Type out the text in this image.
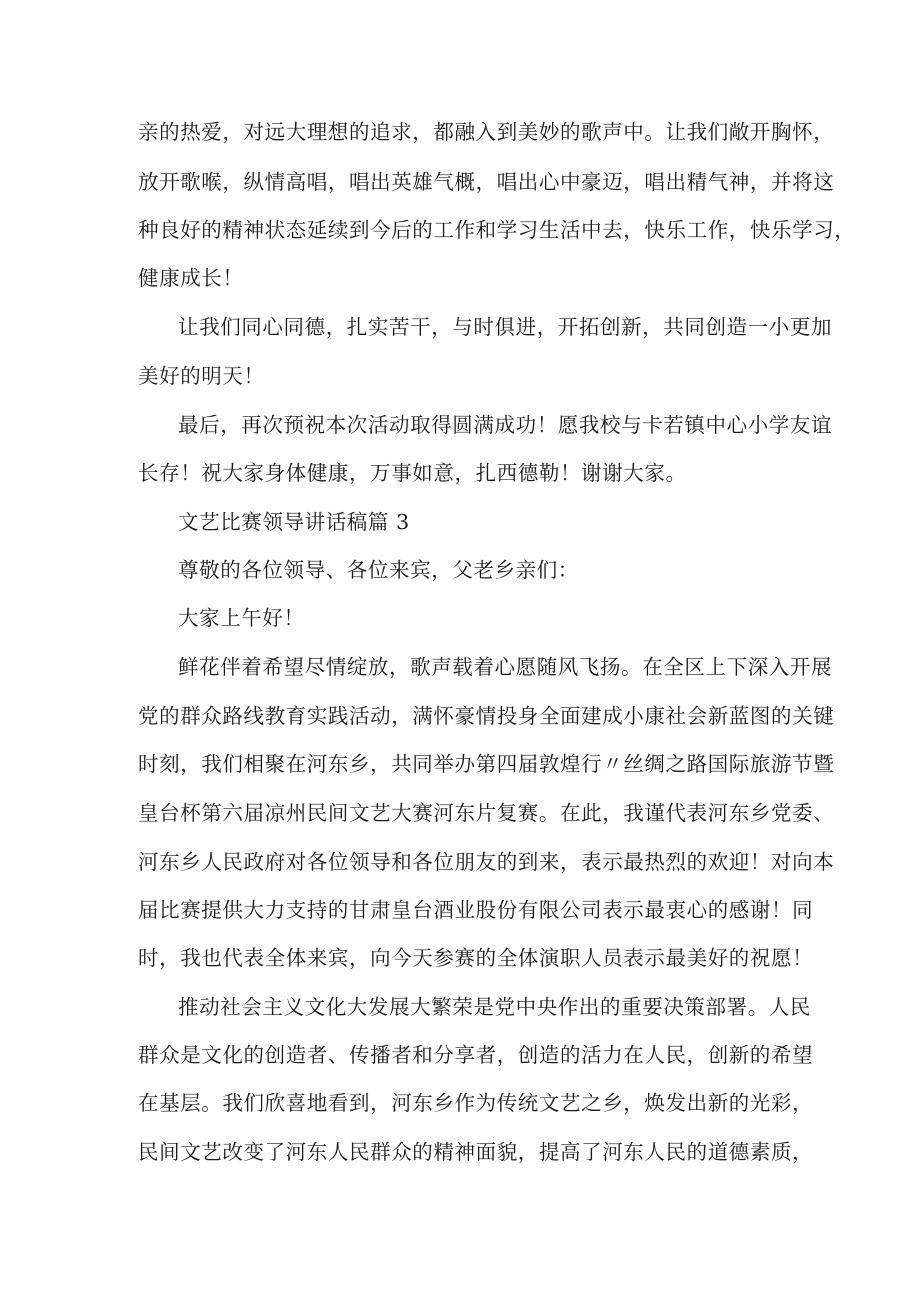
亲的热爱，对远大理想的追求，都融入到美妙的歌声中。让我们敞开胸怀，
放开歌喉，纵情高唱，唱出英雄气概，唱出心中豪迈，唱出精气神，并将这
种良好的精神状态延续到今后的工作和学习生活中去，快乐工作，快乐学习，
健康成长！
让我们同心同德，扎实苦干，与时俱进，开拓创新，共同创造一小更加
美好的明天！
最后，再次预祝本次活动取得圆满成功！愿我校与卡若镇中心小学友谊
长存！祝大家身体健康，万事如意，扎西德勒！谢谢大家。
文艺比赛领导讲话稿篇 3
尊敬的各位领导、各位来宾，父老乡亲们：
大家上午好！
鲜花伴着希望尽情绽放，歌声载着心愿随风飞扬。在全区上下深入开展
党的群众路线教育实践活动，满怀豪情投身全面建成小康社会新蓝图的关键
时刻，我们相聚在河东乡，共同举办第四届敦煌行〃丝绸之路国际旅游节暨
皇台杯第六届凉州民间文艺大赛河东片复赛。在此，我谨代表河东乡党委、
河东乡人民政府对各位领导和各位朋友的到来，表示最热烈的欢迎！对向本
届比赛提供大力支持的甘肃皇台酒业股份有限公司表示最衷心的感谢！同
时，我也代表全体来宾，向今天参赛的全体演职人员表示最美好的祝愿！
推动社会主义文化大发展大繁荣是党中央作出的重要决策部署。人民
群众是文化的创造者、传播者和分享者，创造的活力在人民，创新的希望
在基层。我们欣喜地看到，河东乡作为传统文艺之乡，焕发出新的光彩，
民间文艺改变了河东人民群众的精神面貌，提高了河东人民的道德素质，
